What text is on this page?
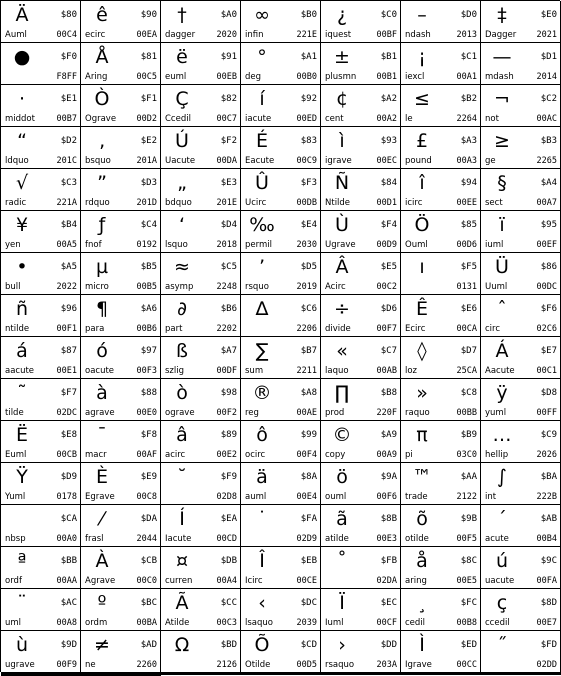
Ä	$80
Auml	00C4
ê	$90
ecirc	00EA
†	$A0
dagger	2020
∞	$B0
infin	221E
¿	$C0
iquest	00BF
–	$D0
ndash	2013
‡	$E0
Dagger 2021
●	$F0
F8FF
Å	$81
Aring	00C5
ë	$91
euml	00EB
°	$A1
deg	00B0
±	$B1
plusmn 00B1
¡	$C1
iexcl	00A1
—	$D1
mdash	2014
·	$E1
middot	00B7
Ò	$F1
Ograve 00D2
Ç	$82
Ccedil	00C7
í	$92
iacute	00ED
¢	$A2
cent	00A2
≤	$B2
le	2264
¬	$C2
not	00AC
“	$D2
ldquo	201C
‚	$E2
bsquo	201A
Ú	$F2
Uacute	00DA
É	$83
Eacute	00C9
ì	$93
igrave	00EC
£	$A3
pound	00A3
≥	$B3
ge	2265
√	$C3
radic	221A
”	$D3
rdquo	201D
„	$E3
bdquo	201E
Û	$F3
Ucirc	00DB
Ñ	$84
Ntilde	00D1
î	$94
icirc	00EE
§	$A4
sect	00A7
¥	$B4
yen	00A5
ƒ	$C4
fnof	0192
‘	$D4
lsquo	2018
‰	$E4
permil	2030
Ù	$F4
Ugrave 00D9
Ö	$85
Ouml	00D6
ï	$95
iuml	00EF
•	$A5
bull	2022
µ	$B5
micro	00B5
≈	$C5
asymp	2248
’	$D5
rsquo	2019
Â	$E5
Acirc	00C2
ı	$F5
0131
Ü	$86
Uuml	00DC
ñ	$96
ntilde	00F1
¶	$A6
para	00B6
∂	$B6
part	2202
∆	$C6
2206
÷	$D6
divide	00F7
Ê	$E6
Ecirc	00CA
ˆ	$F6
circ	02C6
á	$87
aacute	00E1
ó	$97
oacute	00F3
ß	$A7
szlig	00DF
∑	$B7
sum	2211
«	$C7
laquo	00AB
◊	$D7
loz	25CA
Á	$E7
Aacute	00C1
˜	$F7
tilde	02DC
à	$88
agrave	00E0
ò	$98
ograve	00F2
®	$A8
reg	00AE
∏	$B8
prod	220F
»	$C8
raquo	00BB
ÿ	$D8
yuml	00FF
Ë	$E8
Euml	00CB
¯	$F8
macr	00AF
â	$89
acirc	00E2
ô	$99
ocirc	00F4
©	$A9
copy	00A9
π	$B9
pi	03C0
…	$C9
hellip	2026
Ÿ	$D9
Yuml	0178
È	$E9
Egrave	00C8
˘	$F9
02D8
ä	$8A
auml	00E4
ö	$9A
ouml	00F6
™	$AA
trade	2122
∫	$BA
int	222B
$CA
nbsp	00A0
⁄	$DA
frasl	2044
Í	$EA
Iacute	00CD
˙	$FA
02D9
ã	$8B
atilde	00E3
õ	$9B
otilde	00F5
´	$AB
acute	00B4
ª	$BB
ordf	00AA
À	$CB
Agrave	00C0
¤	$DB
curren	00A4
Î	$EB
Icirc	00CE
˚	$FB
02DA
å	$8C
aring	00E5
ú	$9C
uacute	00FA
¨	$AC
uml	00A8
º	$BC
ordm	00BA
Ã	$CC
Atilde	00C3
‹	$DC
lsaquo	2039
Ï	$EC
Iuml	00CF
¸	$FC
cedil	00B8
ç	$8D
ccedil	00E7
ù	$9D
ugrave	00F9
≠	$AD
ne	2260
Ω	$BD
2126
Õ	$CD
Otilde	00D5
›	$DD
rsaquo	203A
Ì	$ED
Igrave	00CC
˝	$FD
02DD
